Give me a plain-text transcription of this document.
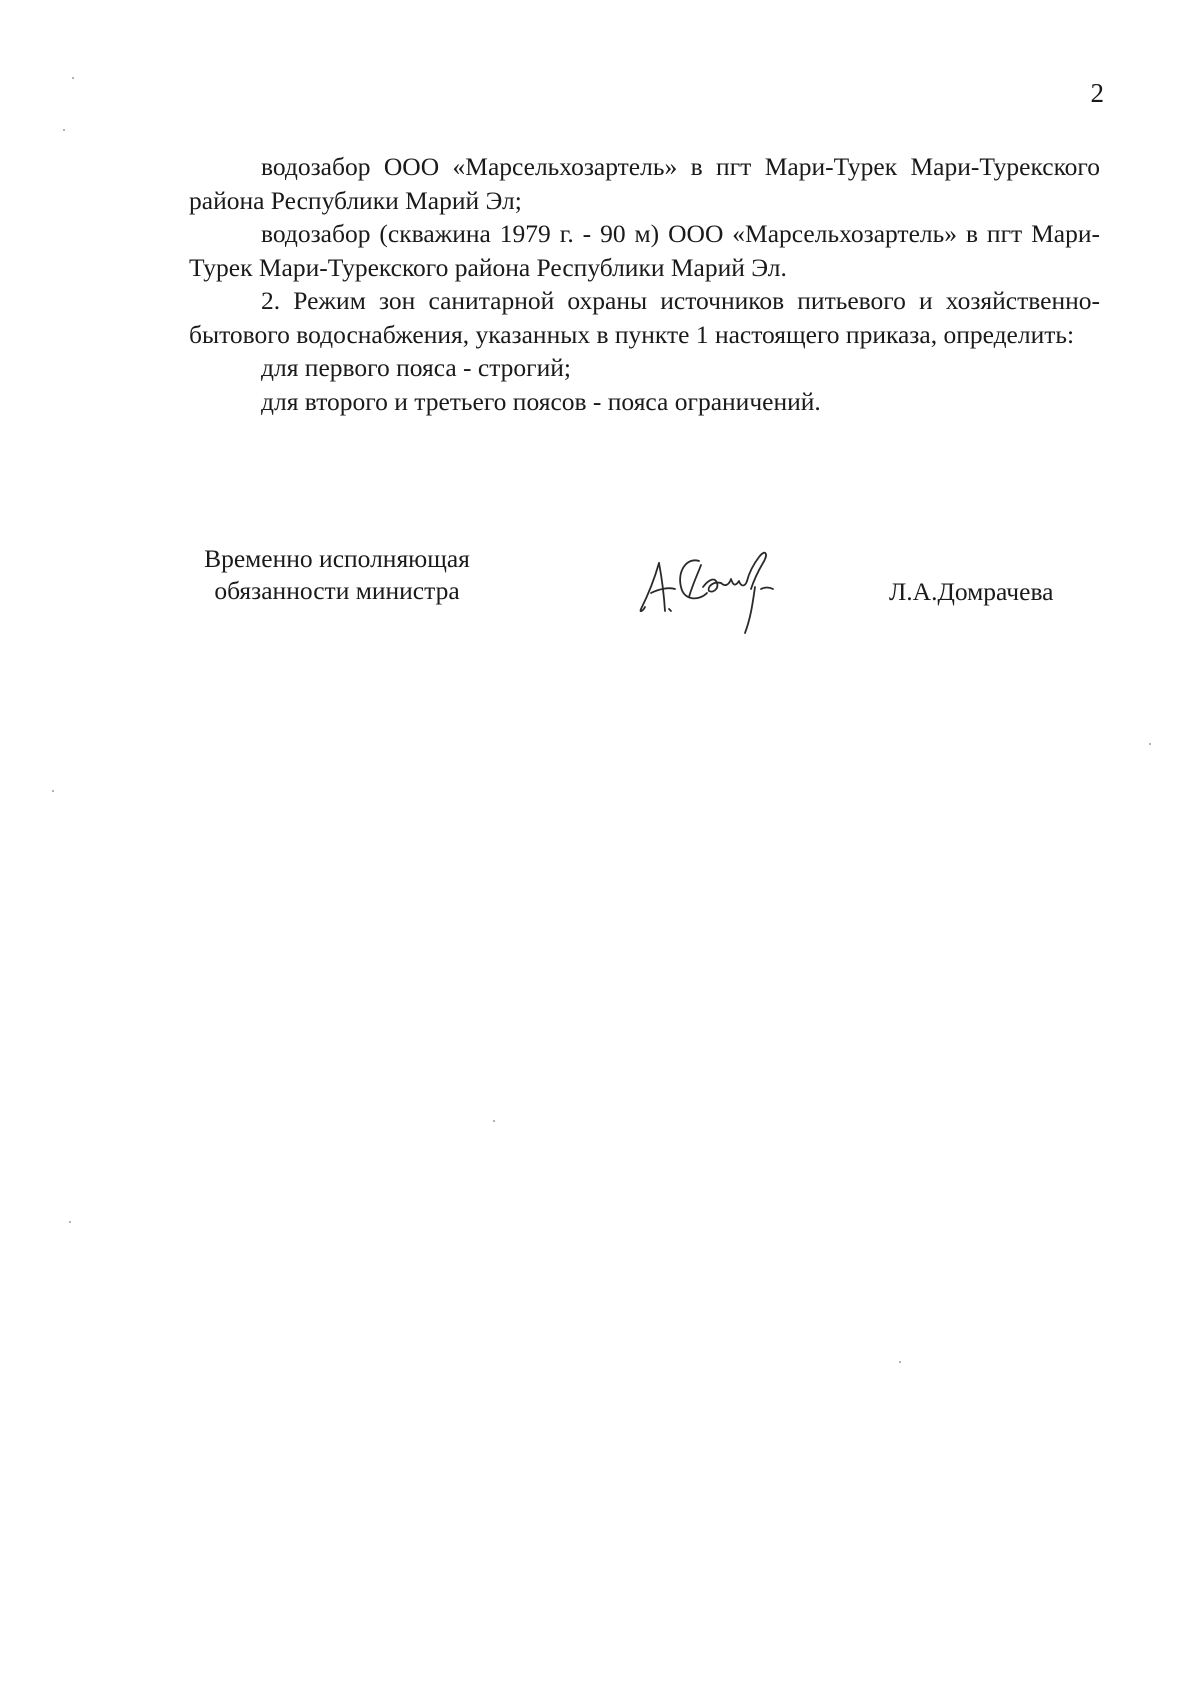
2

водозабор ООО «Марсельхозартель» в пгт Мари-Турек Мари-Турекского района Республики Марий Эл;

водозабор (скважина 1979 г. - 90 м) ООО «Марсельхозартель» в пгт Мари-Турек Мари-Турекского района Республики Марий Эл.

2. Режим зон санитарной охраны источников питьевого и хозяйственно-бытового водоснабжения, указанных в пункте 1 настоящего приказа, определить:

для первого пояса - строгий;

для второго и третьего поясов - пояса ограничений.

Временно исполняющая
обязанности министра	Л.А.Домрачева
